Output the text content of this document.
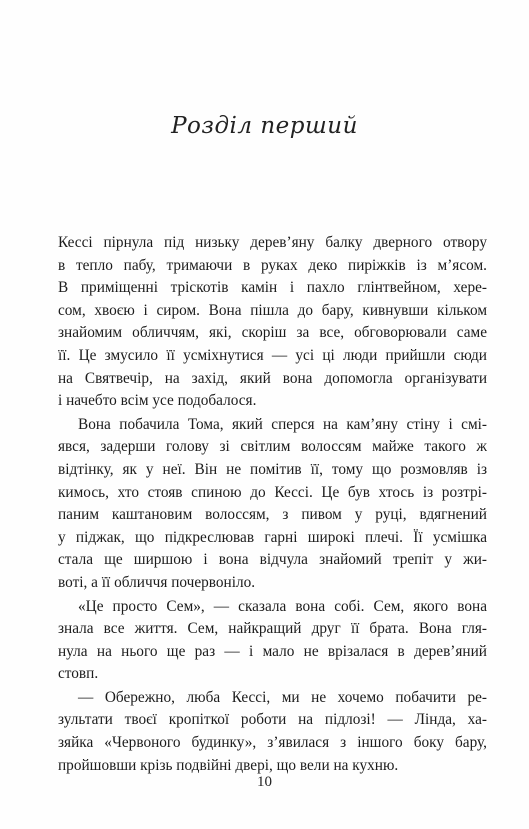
Розділ перший

Кессі пірнула під низьку дерев’яну балку дверного отвору
в тепло пабу, тримаючи в руках деко пиріжків із м’ясом.
В приміщенні тріскотів камін і пахло глінтвейном, хере-
сом, хвоєю і сиром. Вона пішла до бару, кивнувши кільком
знайомим обличчям, які, скоріш за все, обговорювали саме
її. Це змусило її усміхнутися — усі ці люди прийшли сюди
на Святвечір, на захід, який вона допомогла організувати
і начебто всім усе подобалося.

Вона побачила Тома, який сперся на кам’яну стіну і смі-
явся, задерши голову зі світлим волоссям майже такого ж
відтінку, як у неї. Він не помітив її, тому що розмовляв із
кимось, хто стояв спиною до Кессі. Це був хтось із розтрі-
паним каштановим волоссям, з пивом у руці, вдягнений
у піджак, що підкреслював гарні широкі плечі. Її усмішка
стала ще ширшою і вона відчула знайомий трепіт у жи-
воті, а її обличчя почервоніло.

«Це просто Сем», — сказала вона собі. Сем, якого вона
знала все життя. Сем, найкращий друг її брата. Вона гля-
нула на нього ще раз — і мало не врізалася в дерев’яний
стовп.

— Обережно, люба Кессі, ми не хочемо побачити ре-
зультати твоєї кропіткої роботи на підлозі! — Лінда, ха-
зяйка «Червоного будинку», з’явилася з іншого боку бару,
пройшовши крізь подвійні двері, що вели на кухню.

10
